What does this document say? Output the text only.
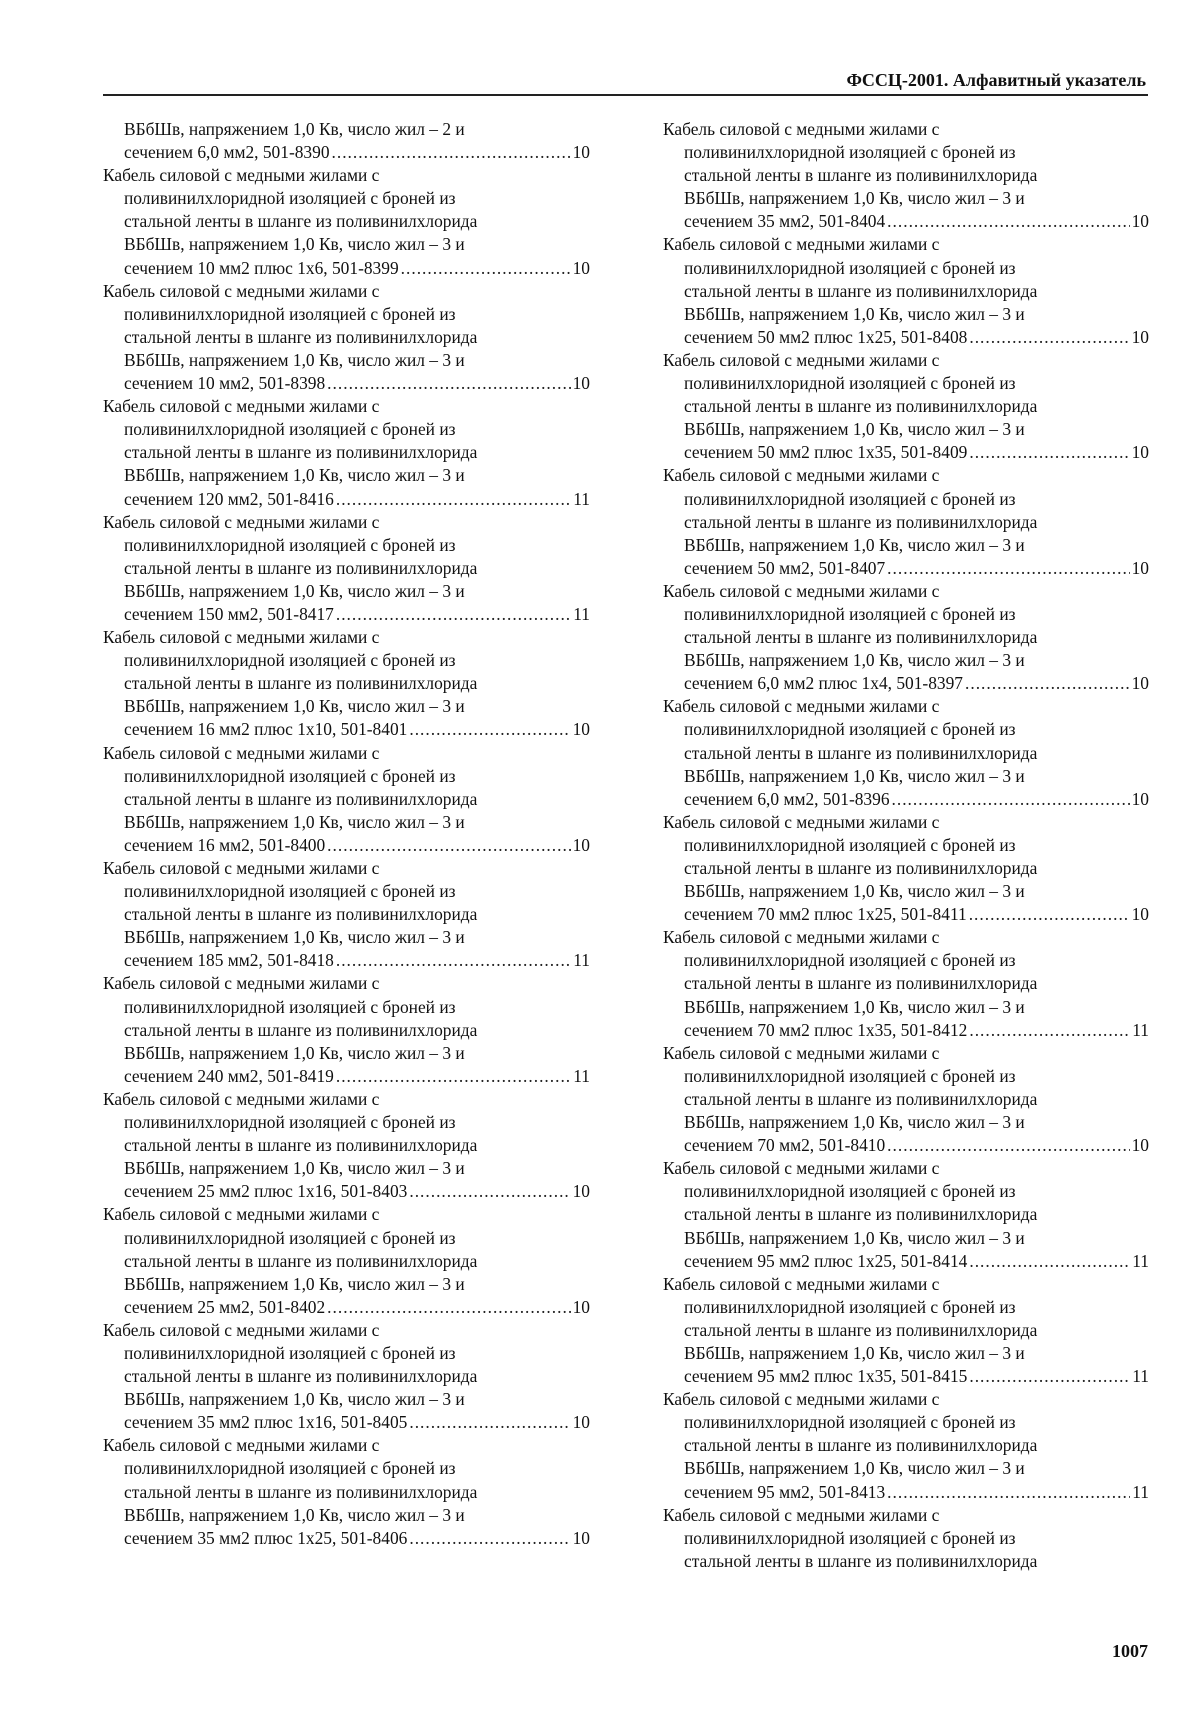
ФССЦ-2001. Алфавитный указатель
ВБбШв, напряжением 1,0 Кв, число жил – 2 и
сечением 6,0 мм2, 501-8390 .....	10
Кабель силовой с медными жилами с
поливинилхлоридной изоляцией с броней из
стальной ленты в шланге из поливинилхлорида
ВБбШв, напряжением 1,0 Кв, число жил – 3 и
сечением 10 мм2 плюс 1х6, 501-8399 .....	10
Кабель силовой с медными жилами с
поливинилхлоридной изоляцией с броней из
стальной ленты в шланге из поливинилхлорида
ВБбШв, напряжением 1,0 Кв, число жил – 3 и
сечением 10 мм2, 501-8398 .....	10
Кабель силовой с медными жилами с
поливинилхлоридной изоляцией с броней из
стальной ленты в шланге из поливинилхлорида
ВБбШв, напряжением 1,0 Кв, число жил – 3 и
сечением 120 мм2, 501-8416 .....	11
Кабель силовой с медными жилами с
поливинилхлоридной изоляцией с броней из
стальной ленты в шланге из поливинилхлорида
ВБбШв, напряжением 1,0 Кв, число жил – 3 и
сечением 150 мм2, 501-8417 .....	11
Кабель силовой с медными жилами с
поливинилхлоридной изоляцией с броней из
стальной ленты в шланге из поливинилхлорида
ВБбШв, напряжением 1,0 Кв, число жил – 3 и
сечением 16 мм2 плюс 1х10, 501-8401 .....	10
Кабель силовой с медными жилами с
поливинилхлоридной изоляцией с броней из
стальной ленты в шланге из поливинилхлорида
ВБбШв, напряжением 1,0 Кв, число жил – 3 и
сечением 16 мм2, 501-8400 .....	10
Кабель силовой с медными жилами с
поливинилхлоридной изоляцией с броней из
стальной ленты в шланге из поливинилхлорида
ВБбШв, напряжением 1,0 Кв, число жил – 3 и
сечением 185 мм2, 501-8418 .....	11
Кабель силовой с медными жилами с
поливинилхлоридной изоляцией с броней из
стальной ленты в шланге из поливинилхлорида
ВБбШв, напряжением 1,0 Кв, число жил – 3 и
сечением 240 мм2, 501-8419 .....	11
Кабель силовой с медными жилами с
поливинилхлоридной изоляцией с броней из
стальной ленты в шланге из поливинилхлорида
ВБбШв, напряжением 1,0 Кв, число жил – 3 и
сечением 25 мм2 плюс 1х16, 501-8403 .....	10
Кабель силовой с медными жилами с
поливинилхлоридной изоляцией с броней из
стальной ленты в шланге из поливинилхлорида
ВБбШв, напряжением 1,0 Кв, число жил – 3 и
сечением 25 мм2, 501-8402 .....	10
Кабель силовой с медными жилами с
поливинилхлоридной изоляцией с броней из
стальной ленты в шланге из поливинилхлорида
ВБбШв, напряжением 1,0 Кв, число жил – 3 и
сечением 35 мм2 плюс 1х16, 501-8405 .....	10
Кабель силовой с медными жилами с
поливинилхлоридной изоляцией с броней из
стальной ленты в шланге из поливинилхлорида
ВБбШв, напряжением 1,0 Кв, число жил – 3 и
сечением 35 мм2 плюс 1х25, 501-8406 .....	10
Кабель силовой с медными жилами с
поливинилхлоридной изоляцией с броней из
стальной ленты в шланге из поливинилхлорида
ВБбШв, напряжением 1,0 Кв, число жил – 3 и
сечением 35 мм2, 501-8404 .....	10
Кабель силовой с медными жилами с
поливинилхлоридной изоляцией с броней из
стальной ленты в шланге из поливинилхлорида
ВБбШв, напряжением 1,0 Кв, число жил – 3 и
сечением 50 мм2 плюс 1х25, 501-8408 .....	10
Кабель силовой с медными жилами с
поливинилхлоридной изоляцией с броней из
стальной ленты в шланге из поливинилхлорида
ВБбШв, напряжением 1,0 Кв, число жил – 3 и
сечением 50 мм2 плюс 1х35, 501-8409 .....	10
Кабель силовой с медными жилами с
поливинилхлоридной изоляцией с броней из
стальной ленты в шланге из поливинилхлорида
ВБбШв, напряжением 1,0 Кв, число жил – 3 и
сечением 50 мм2, 501-8407 .....	10
Кабель силовой с медными жилами с
поливинилхлоридной изоляцией с броней из
стальной ленты в шланге из поливинилхлорида
ВБбШв, напряжением 1,0 Кв, число жил – 3 и
сечением 6,0 мм2 плюс 1х4, 501-8397 .....	10
Кабель силовой с медными жилами с
поливинилхлоридной изоляцией с броней из
стальной ленты в шланге из поливинилхлорида
ВБбШв, напряжением 1,0 Кв, число жил – 3 и
сечением 6,0 мм2, 501-8396 .....	10
Кабель силовой с медными жилами с
поливинилхлоридной изоляцией с броней из
стальной ленты в шланге из поливинилхлорида
ВБбШв, напряжением 1,0 Кв, число жил – 3 и
сечением 70 мм2 плюс 1х25, 501-8411 .....	10
Кабель силовой с медными жилами с
поливинилхлоридной изоляцией с броней из
стальной ленты в шланге из поливинилхлорида
ВБбШв, напряжением 1,0 Кв, число жил – 3 и
сечением 70 мм2 плюс 1х35, 501-8412 .....	11
Кабель силовой с медными жилами с
поливинилхлоридной изоляцией с броней из
стальной ленты в шланге из поливинилхлорида
ВБбШв, напряжением 1,0 Кв, число жил – 3 и
сечением 70 мм2, 501-8410 .....	10
Кабель силовой с медными жилами с
поливинилхлоридной изоляцией с броней из
стальной ленты в шланге из поливинилхлорида
ВБбШв, напряжением 1,0 Кв, число жил – 3 и
сечением 95 мм2 плюс 1х25, 501-8414 .....	11
Кабель силовой с медными жилами с
поливинилхлоридной изоляцией с броней из
стальной ленты в шланге из поливинилхлорида
ВБбШв, напряжением 1,0 Кв, число жил – 3 и
сечением 95 мм2 плюс 1х35, 501-8415 .....	11
Кабель силовой с медными жилами с
поливинилхлоридной изоляцией с броней из
стальной ленты в шланге из поливинилхлорида
ВБбШв, напряжением 1,0 Кв, число жил – 3 и
сечением 95 мм2, 501-8413 .....	11
Кабель силовой с медными жилами с
поливинилхлоридной изоляцией с броней из
стальной ленты в шланге из поливинилхлорида
1007
